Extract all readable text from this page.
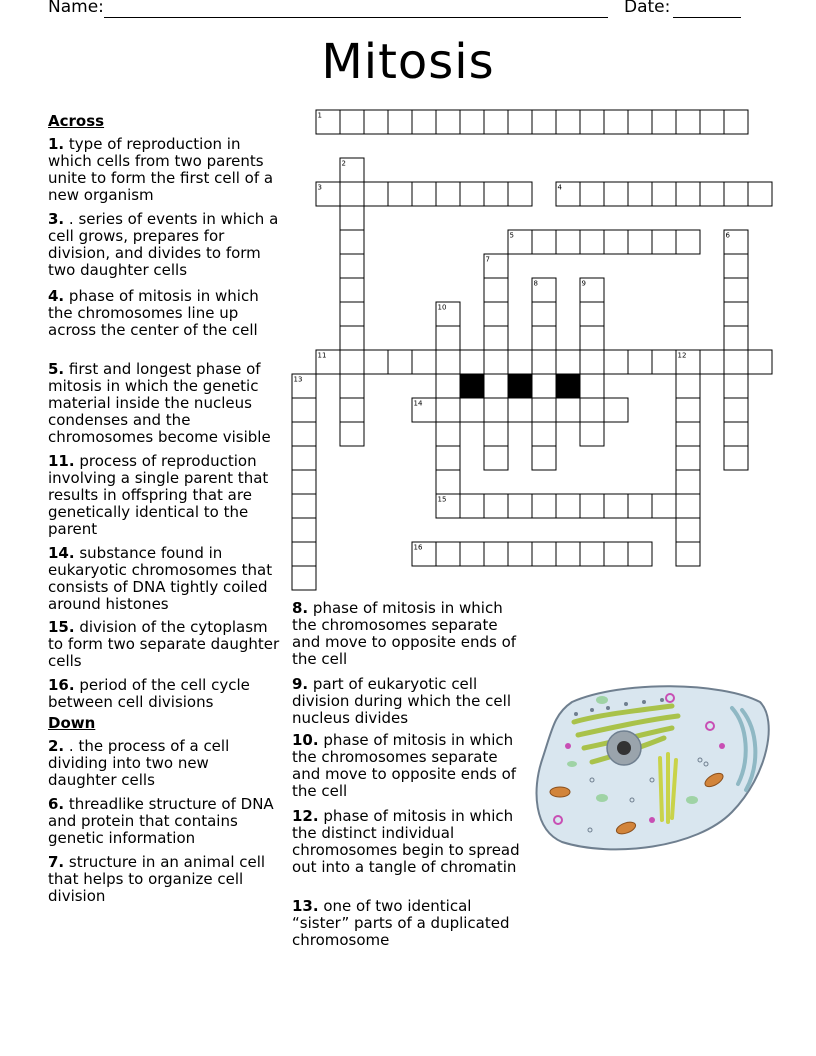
Name:	Date:
Mitosis
Across

1. type of reproduction in which cells from two parents unite to form the first cell of a new organism

3. . series of events in which a cell grows, prepares for division, and divides to form two daughter cells

4. phase of mitosis in which the chromosomes line up across the center of the cell

5. first and longest phase of mitosis in which the genetic material inside the nucleus condenses and the chromosomes become visible

11. process of reproduction involving a single parent that results in offspring that are genetically identical to the parent

14. substance found in eukaryotic chromosomes that consists of DNA tightly coiled around histones

15. division of the cytoplasm to form two separate daughter cells

16. period of the cell cycle between cell divisions

Down

2. . the process of a cell dividing into two new daughter cells

6. threadlike structure of DNA and protein that contains genetic information

7. structure in an animal cell that helps to organize cell division

8. phase of mitosis in which the chromosomes separate and move to opposite ends of the cell

9. part of eukaryotic cell division during which the cell nucleus divides

10. phase of mitosis in which the chromosomes separate and move to opposite ends of the cell

12. phase of mitosis in which the distinct individual chromosomes begin to spread out into a tangle of chromatin

13. one of two identical “sister” parts of a duplicated chromosome

1
2
3	4
5	6
7
8	9
10
11	12
13
14
15
16
